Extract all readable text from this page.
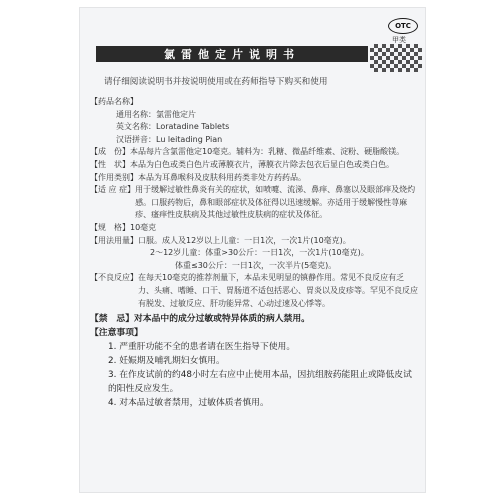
OTC
甲类
氯雷他定片说明书
请仔细阅读说明书并按说明使用或在药师指导下购买和使用
【药品名称】
通用名称： 氯雷他定片
英文名称： Loratadine Tablets
汉语拼音： Lu leitading Pian
【成　份】 本品每片含氯雷他定10毫克。辅料为：乳糖、微晶纤维素、淀粉、硬脂酸镁。
【性　状】 本品为白色或类白色片或薄膜衣片，薄膜衣片除去包衣后显白色或类白色。
【作用类别】 本品为耳鼻喉科及皮肤科用药类非处方药药品。
【适 应 症】 用于缓解过敏性鼻炎有关的症状，如喷嚏、流涕、鼻痒、鼻塞以及眼部痒及烧灼感。口服药物后，鼻和眼部症状及体征得以迅速缓解。亦适用于缓解慢性荨麻疹、瘙痒性皮肤病及其他过敏性皮肤病的症状及体征。
【规　格】 10毫克
【用法用量】 口服。成人及12岁以上儿童：一日1次，一次1片(10毫克)。
2～12岁儿童：体重>30公斤：一日1次，一次1片(10毫克)。
体重≤30公斤：一日1次，一次半片(5毫克)。
【不良反应】 在每天10毫克的推荐剂量下，本品未见明显的镇静作用。常见不良反应有乏力、头痛、嗜睡、口干、胃肠道不适包括恶心、胃炎以及皮疹等。罕见不良反应有脱发、过敏反应、肝功能异常、心动过速及心悸等。
【禁　忌】 对本品中的成分过敏或特异体质的病人禁用。
【注意事项】
1. 严重肝功能不全的患者请在医生指导下使用。
2. 妊娠期及哺乳期妇女慎用。
3. 在作皮试前的约48小时左右应中止使用本品，因抗组胺药能阻止或降低皮试的阳性反应发生。
4. 对本品过敏者禁用，过敏体质者慎用。
